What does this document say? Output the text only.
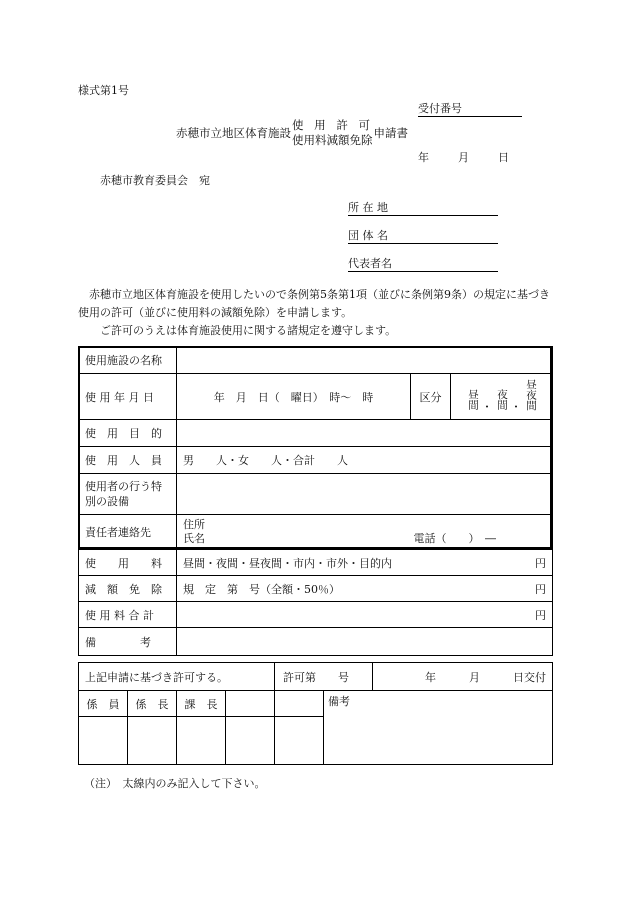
様式第1号
受付番号
赤穂市立地区体育施設
使 用 許 可
使用料減額免除 申請書
年	月	日
赤穂市教育委員会　宛
所 在 地
団 体 名
代表者名
赤穂市立地区体育施設を使用したいので条例第5条第1項（並びに条例第9条）の規定に基づき使用の許可（並びに使用料の減額免除）を申請します。
ご許可のうえは体育施設使用に関する諸規定を遵守します。
使用施設の名称			
使 用 年 月 日	年　月　日（　曜日）　時～　時	区分	昼間 ・ 夜間 ・ 昼夜間

使　用　目　的			
使　用　人　員	男　　人・女　　人・合計　　人		
使用者の行う特別の設備			
責任者連絡先	住所
氏名 電話（　　）　―		

使　　用　　料	昼間・夜間・昼夜間・市内・市外・目的内 円		

減　額　免　除	規　定　第　号（全額・50％） 円		

使 用 料 合 計	円		

備　　　　考			
上記申請に基づき許可する。	許可第　　号	年　　　月　　　日交付
係　員	係　長	課　長			備考

（注）　太線内のみ記入して下さい。
